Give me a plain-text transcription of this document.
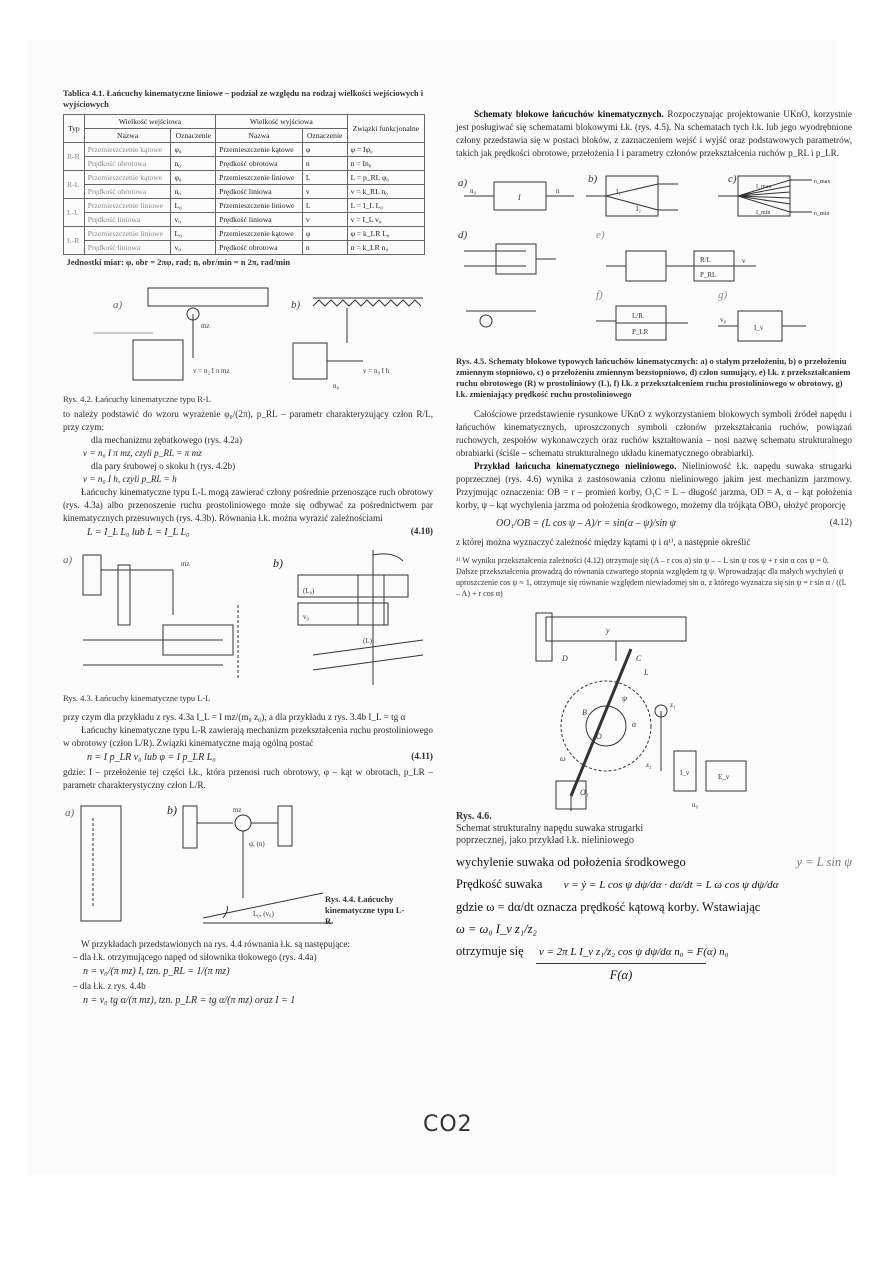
Tablica 4.1. Łańcuchy kinematyczne liniowe – podział ze względu na rodzaj wielkości wejściowych i wyjściowych
Typ	Wielkość wejściowa		Wielkość wyjściowa		Związki funkcjonalne
	Nazwa	Oznaczenie	Nazwa	Oznaczenie	
R-R	Przemieszczenie kątowe	φ₀	Przemieszczenie kątowe	φ	φ = Iφ₀
	Prędkość obrotowa	n₀	Prędkość obrotowa	n	n = In₀
R-L	Przemieszczenie kątowe	φ₀	Przemieszczenie liniowe	L	L = p_RL φ₀
	Prędkość obrotowa	n₀	Prędkość liniowa	v	v = k_RL n₀
L-L	Przemieszczenie liniowe	L₀	Przemieszczenie liniowe	L	L = I_L L₀
	Prędkość liniowa	v₀	Prędkość liniowa	v	v = I_L v₀
L-R	Przemieszczenie liniowe	L₀	Przemieszczenie kątowe	φ	φ = k_LR L₀
	Prędkość liniowa	v₀	Prędkość obrotowa	n	n = k_LR n₀
Jednostki miar: φ, obr = 2πφ, rad; n, obr/min = n 2π, rad/min					
a)	b)
v = n₂ I π mz	v = n₀ I h
mz
n₀
Rys. 4.2. Łańcuchy kinematyczne typu R-L
to należy podstawić do wzoru wyrażenie φ₀/(2π), p_RL – parametr charakteryzujący człon R/L, przy czym:
dla mechanizmu zębatkowego (rys. 4.2a)
v = n₀ I π mz, czyli p_RL = π mz
dla pary śrubowej o skoku h (rys. 4.2b)
v = n₀ I h, czyli p_RL = h
Łańcuchy kinematyczne typu L-L mogą zawierać człony pośrednie przenoszące ruch obrotowy (rys. 4.3a) albo przenoszenie ruchu prostoliniowego może się odbywać za pośrednictwem par kinematycznych przesuwnych (rys. 4.3b). Równania ł.k. można wyrazić zależnościami
L = I_L L₀ lub L = I_L L₀	(4.10)
a)	b)
mz
(L₀)
v₀
(L)
Rys. 4.3. Łańcuchy kinematyczne typu L-L
przy czym dla przykładu z rys. 4.3a I_L = I mz/(m₀ z₀), a dla przykładu z rys. 3.4b I_L = tg α
Łańcuchy kinematyczne typu L-R zawierają mechanizm przekształcenia ruchu prostoliniowego w obrotowy (człon L/R). Związki kinematyczne mają ogólną postać
n = I p_LR v₀ lub φ = I p_LR L₀	(4.11)
gdzie: I – przełożenie tej części ł.k., która przenosi ruch obrotowy, φ – kąt w obrotach, p_LR – parametr charakterystyczny człon L/R.
a)	b)	mz
φ, (n)
L₀, (v₀)
Rys. 4.4. Łańcuchy kinematyczne typu L-R
W przykładach przedstawionych na rys. 4.4 równania ł.k. są następujące:
– dla ł.k. otrzymującego napęd od siłownika tłokowego (rys. 4.4a)
n = v₀/(π mz) I, tzn. p_RL = 1/(π mz)
– dla ł.k. z rys. 4.4b
n = v₀ tg α/(π mz), tzn. p_LR = tg α/(π mz) oraz I = 1
Schematy blokowe łańcuchów kinematycznych. Rozpoczynając projektowanie UKnO, korzystnie jest posługiwać się schematami blokowymi ł.k. (rys. 4.5). Na schematach tych ł.k. lub jego wyodrębnione człony przedstawia się w postaci bloków, z zaznaczeniem wejść i wyjść oraz podstawowych parametrów, takich jak prędkości obrotowe, przełożenia I i parametry członów przekształcenia ruchów p_RL i p_LR.
a)	b)	c)
d)	e)
f)	g)
n₀	n
I
I₁
I₂
R/L
P_RL
L/R
P_LR
v
v₀
I_v
n_max
n_min
I_max
I_min
Rys. 4.5. Schematy blokowe typowych łańcuchów kinematycznych: a) o stałym przełożeniu, b) o przełożeniu zmiennym stopniowo, c) o przełożeniu zmiennym bezstopniowo, d) człon sumujący, e) ł.k. z przekształcaniem ruchu obrotowego (R) w prostoliniowy (L), f) ł.k. z przekształceniem ruchu prostoliniowego w obrotowy, g) ł.k. zmieniający prędkość ruchu prostoliniowego
Całościowe przedstawienie rysunkowe UKnO z wykorzystaniem blokowych symboli źródeł napędu i łańcuchów kinematycznych, uproszczonych symboli członów przekształcania ruchów, powiązań ruchowych, zespołów wykonawczych oraz ruchów kształtowania – nosi nazwę schematu strukturalnego obrabiarki (ściśle – schematu strukturalnego układu kinematycznego obrabiarki).
Przykład łańcucha kinematycznego nieliniowego. Nieliniowość ł.k. napędu suwaka strugarki poprzecznej (rys. 4.6) wynika z zastosowania członu nieliniowego jakim jest mechanizm jarzmowy. Przyjmując oznaczenia: OB = r – promień korby, O₁C = L – długość jarzma, OD = A, α – kąt położenia korby, ψ – kąt wychylenia jarzma od położenia środkowego, możemy dla trójkąta OBO₁ ułożyć proporcję
OO₁/OB = (L cos ψ – A)/r = sin(α – ψ)/sin ψ	(4.12)
z której można wyznaczyć zależność między kątami ψ i α¹⁾, a następnie określić
¹⁾ W wyniku przekształcenia zależności (4.12) otrzymuje się (A – r cos α) sin ψ – – L sin ψ cos ψ + r sin α cos ψ = 0. Dalsze przekształcenia prowadzą do równania czwartego stopnia względem tg ψ. Wprowadzając dla małych wychyleń ψ uproszczenie cos ψ ≈ 1, otrzymuje się równanie względem niewiadomej sin α, z którego wyznacza się sin ψ = r sin α / ((L – A) + r cos α)
D	C
B
O
O₁
ψ
α
y
L
ω
z₁
z₂
I_v	E_v
n₀
Rys. 4.6.
Schemat strukturalny napędu suwaka strugarki poprzecznej, jako przykład ł.k. nieliniowego
wychylenie suwaka od położenia środkowego	y = L sin ψ
Prędkość suwaka v = ẏ = L cos ψ dψ/dα · dα/dt = L ω cos ψ dψ/dα
gdzie ω = dα/dt oznacza prędkość kątową korby. Wstawiając
ω = ω₀ I_v z₁/z₂
otrzymuje się v = 2π L I_v z₁/z₂ cos ψ dψ/dα n₀ = F(α) n₀
F(α)
CO2
